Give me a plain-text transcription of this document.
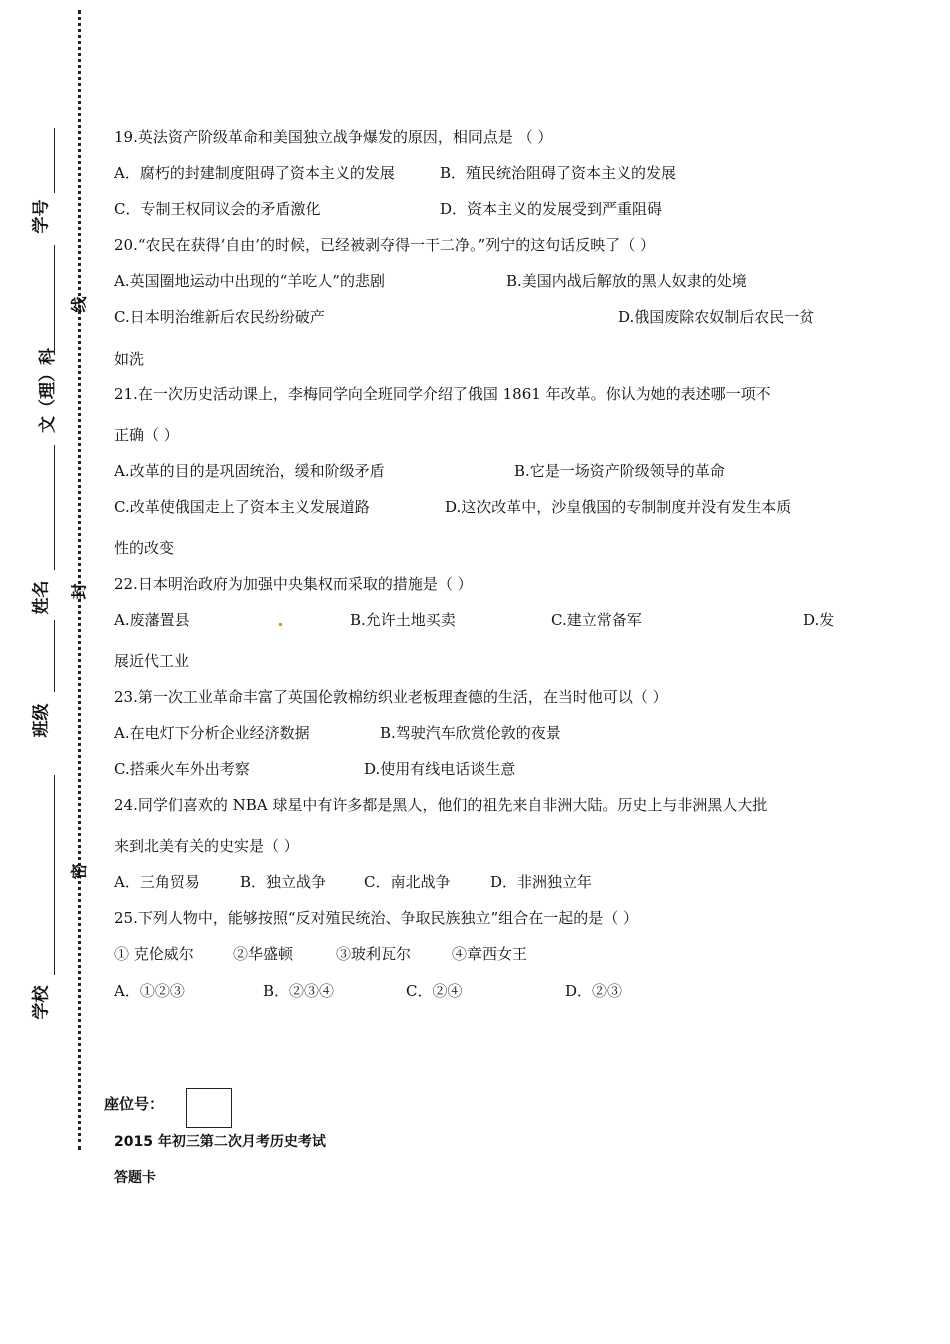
学校
班级
姓名
文（理）科
学号
线
封
密
19.英法资产阶级革命和美国独立战争爆发的原因，相同点是 （ ）
A．腐朽的封建制度阻碍了资本主义的发展	B．殖民统治阻碍了资本主义的发展
C．专制王权同议会的矛盾激化	D．资本主义的发展受到严重阻碍
20.“农民在获得‘自由’的时候，已经被剥夺得一干二净。”列宁的这句话反映了（ ）
A.英国圈地运动中出现的“羊吃人”的悲剧	B.美国内战后解放的黑人奴隶的处境
C.日本明治维新后农民纷纷破产	D.俄国废除农奴制后农民一贫
如洗
21.在一次历史活动课上，李梅同学向全班同学介绍了俄国 1861 年改革。你认为她的表述哪一项不
正确（ ）
A.改革的目的是巩固统治，缓和阶级矛盾	B.它是一场资产阶级领导的革命
C.改革使俄国走上了资本主义发展道路	D.这次改革中，沙皇俄国的专制制度并没有发生本质
性的改变
22.日本明治政府为加强中央集权而采取的措施是（ ）
A.废藩置县	B.允许土地买卖	C.建立常备军	D.发
展近代工业
23.第一次工业革命丰富了英国伦敦棉纺织业老板理查德的生活，在当时他可以（ ）
A.在电灯下分析企业经济数据	B.驾驶汽车欣赏伦敦的夜景
C.搭乘火车外出考察	D.使用有线电话谈生意
24.同学们喜欢的 NBA 球星中有许多都是黑人，他们的祖先来自非洲大陆。历史上与非洲黑人大批
来到北美有关的史实是（ ）
A．三角贸易	B．独立战争	C．南北战争	D．非洲独立年
25.下列人物中，能够按照“反对殖民统治、争取民族独立”组合在一起的是（ ）
① 克伦威尔	②华盛顿	③玻利瓦尔	④章西女王
A．①②③	B．②③④	C．②④	D．②③
座位号：
2015 年初三第二次月考历史考试
答题卡
